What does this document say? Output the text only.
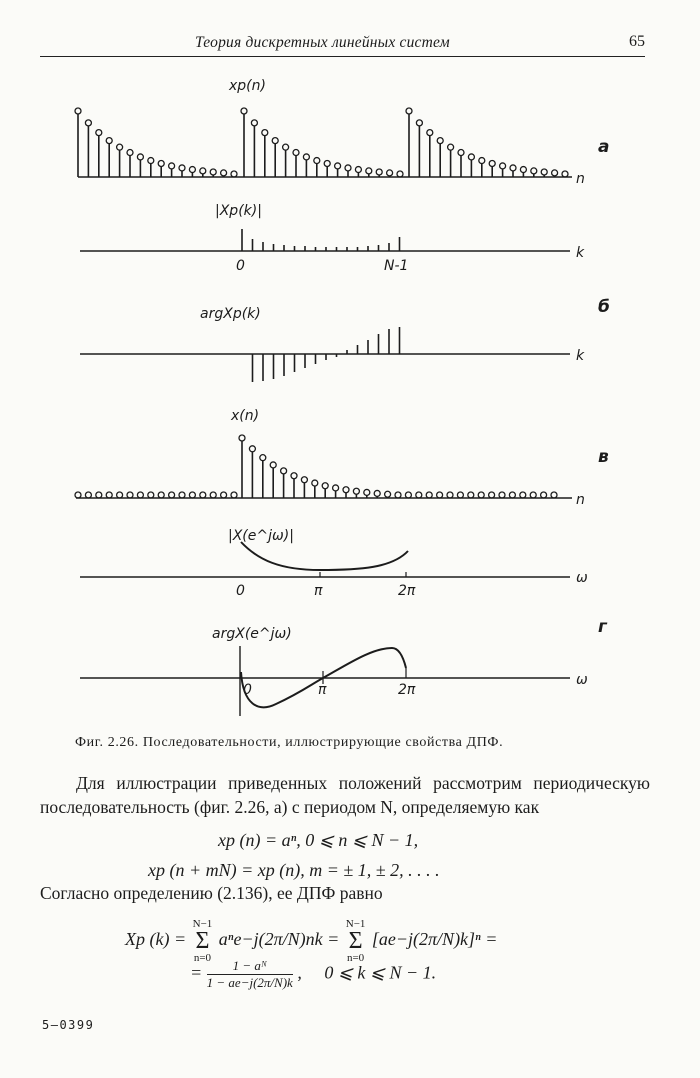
Теория дискретных линейных систем	65
n
xp(n)
а
k
|Xp(k)|
0	N-1
k
argXp(k)	б
n
x(n)
в
|X(e^jω)|
ω
0	π	2π
argX(e^jω)
ω
0	π	2π
г
Фиг. 2.26. Последовательности, иллюстрирующие свойства ДПФ.

Для иллюстрации приведенных положений рассмотрим периодическую последовательность (фиг. 2.26, а) с периодом N, определяемую как

xp (n) = aⁿ, 0 ⩽ n ⩽ N − 1,
xp (n + mN) = xp (n), m = ± 1, ± 2, . . . .
Согласно определению (2.136), ее ДПФ равно
Xp (k) = N−1
Σ
n=0 aⁿe−j(2π/N)nk = N−1
Σ
n=0 [ae−j(2π/N)k]ⁿ =
= $\frac{\text{1 − aᴺ}}{1 - ae-j(2\pi/N)k}$ ,     0 ⩽ k ⩽ N − 1.
5—0399
